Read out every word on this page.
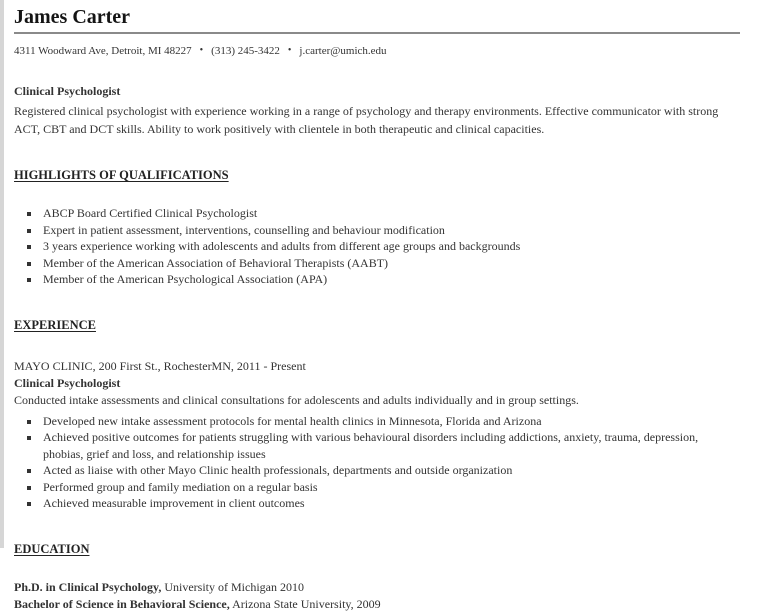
James Carter
4311 Woodward Ave, Detroit, MI 48227 • (313) 245-3422 • j.carter@umich.edu
Clinical Psychologist
Registered clinical psychologist with experience working in a range of psychology and therapy environments. Effective communicator with strong ACT, CBT and DCT skills. Ability to work positively with clientele in both therapeutic and clinical capacities.
HIGHLIGHTS OF QUALIFICATIONS
▪ ABCP Board Certified Clinical Psychologist
▪ Expert in patient assessment, interventions, counselling and behaviour modification
▪ 3 years experience working with adolescents and adults from different age groups and backgrounds
▪ Member of the American Association of Behavioral Therapists (AABT)
▪ Member of the American Psychological Association (APA)
EXPERIENCE
MAYO CLINIC, 200 First St., RochesterMN, 2011 - Present
Clinical Psychologist
Conducted intake assessments and clinical consultations for adolescents and adults individually and in group settings.
▪ Developed new intake assessment protocols for mental health clinics in Minnesota, Florida and Arizona
▪ Achieved positive outcomes for patients struggling with various behavioural disorders including addictions, anxiety, trauma, depression, phobias, grief and loss, and relationship issues
▪ Acted as liaise with other Mayo Clinic health professionals, departments and outside organization
▪ Performed group and family mediation on a regular basis
▪ Achieved measurable improvement in client outcomes
EDUCATION
Ph.D. in Clinical Psychology, University of Michigan 2010
Bachelor of Science in Behavioral Science, Arizona State University, 2009
